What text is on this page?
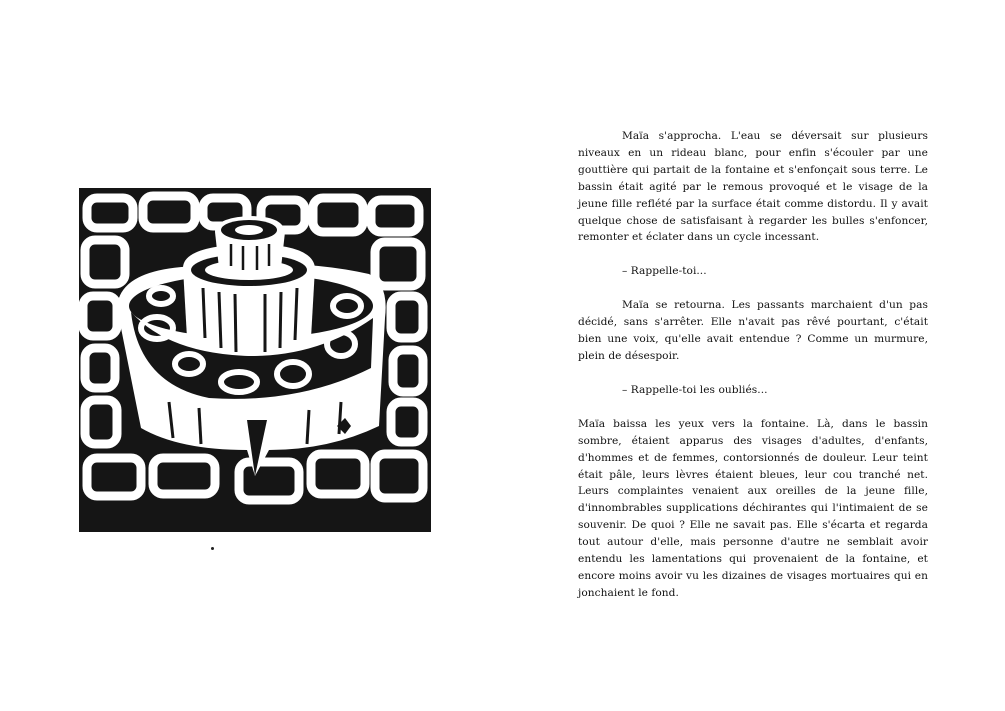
Maïa s'approcha. L'eau se déversait sur plusieurs niveaux en un rideau blanc, pour enfin s'écouler par une gouttière qui partait de la fontaine et s'enfonçait sous terre. Le bassin était agité par le remous provoqué et le visage de la jeune fille reflété par la surface était comme distordu. Il y avait quelque chose de satisfaisant à regarder les bulles s'enfoncer, remonter et éclater dans un cycle incessant.

– Rappelle-toi...

Maïa se retourna. Les passants marchaient d'un pas décidé, sans s'arrêter. Elle n'avait pas rêvé pourtant, c'était bien une voix, qu'elle avait entendue ? Comme un murmure, plein de désespoir.

– Rappelle-toi les oubliés...

Maïa baissa les yeux vers la fontaine. Là, dans le bassin sombre, étaient apparus des visages d'adultes, d'enfants, d'hommes et de femmes, contorsionnés de douleur. Leur teint était pâle, leurs lèvres étaient bleues, leur cou tranché net. Leurs complaintes venaient aux oreilles de la jeune fille, d'innombrables supplications déchirantes qui l'intimaient de se souvenir. De quoi ? Elle ne savait pas. Elle s'écarta et regarda tout autour d'elle, mais personne d'autre ne semblait avoir entendu les lamentations qui provenaient de la fontaine, et encore moins avoir vu les dizaines de visages mortuaires qui en jonchaient le fond.
